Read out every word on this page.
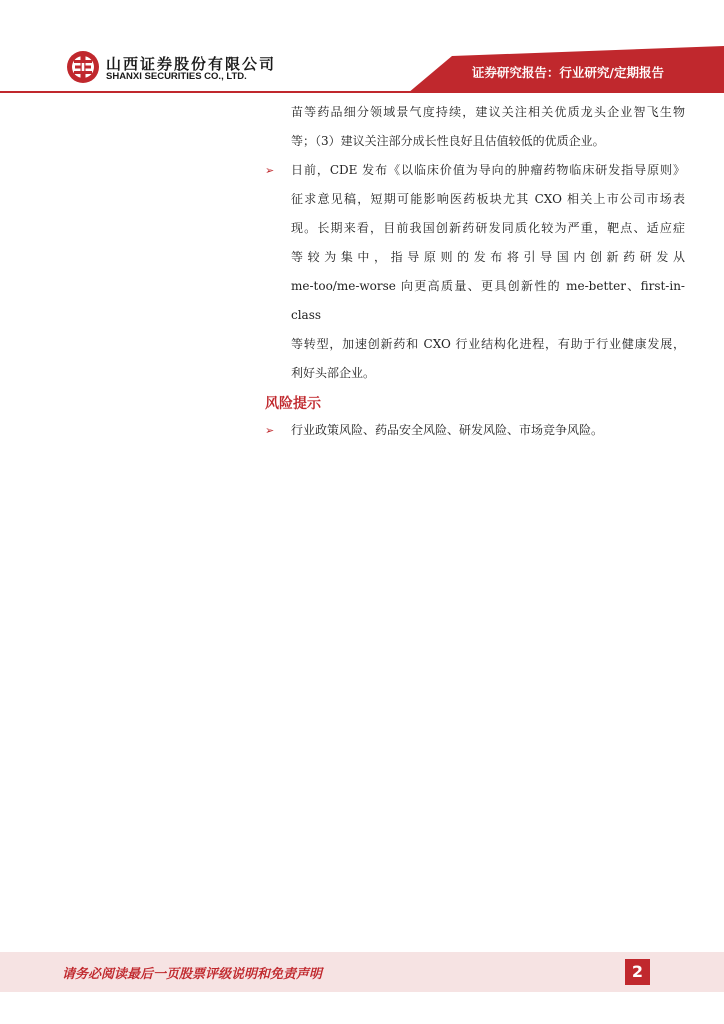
山西证券股份有限公司
SHANXI SECURITIES CO., LTD.	证券研究报告：行业研究/定期报告
苗等药品细分领域景气度持续，建议关注相关优质龙头企业智飞生物
等；（3）建议关注部分成长性良好且估值较低的优质企业。
➢	日前，CDE 发布《以临床价值为导向的肿瘤药物临床研发指导原则》
征求意见稿，短期可能影响医药板块尤其 CXO 相关上市公司市场表
现。长期来看，目前我国创新药研发同质化较为严重，靶点、适应症
等较为集中，指导原则的发布将引导国内创新药研发从
me-too/me-worse 向更高质量、更具创新性的 me-better、first-in-class
等转型，加速创新药和 CXO 行业结构化进程，有助于行业健康发展，
利好头部企业。
风险提示
➢	行业政策风险、药品安全风险、研发风险、市场竞争风险。
请务必阅读最后一页股票评级说明和免责声明	2
